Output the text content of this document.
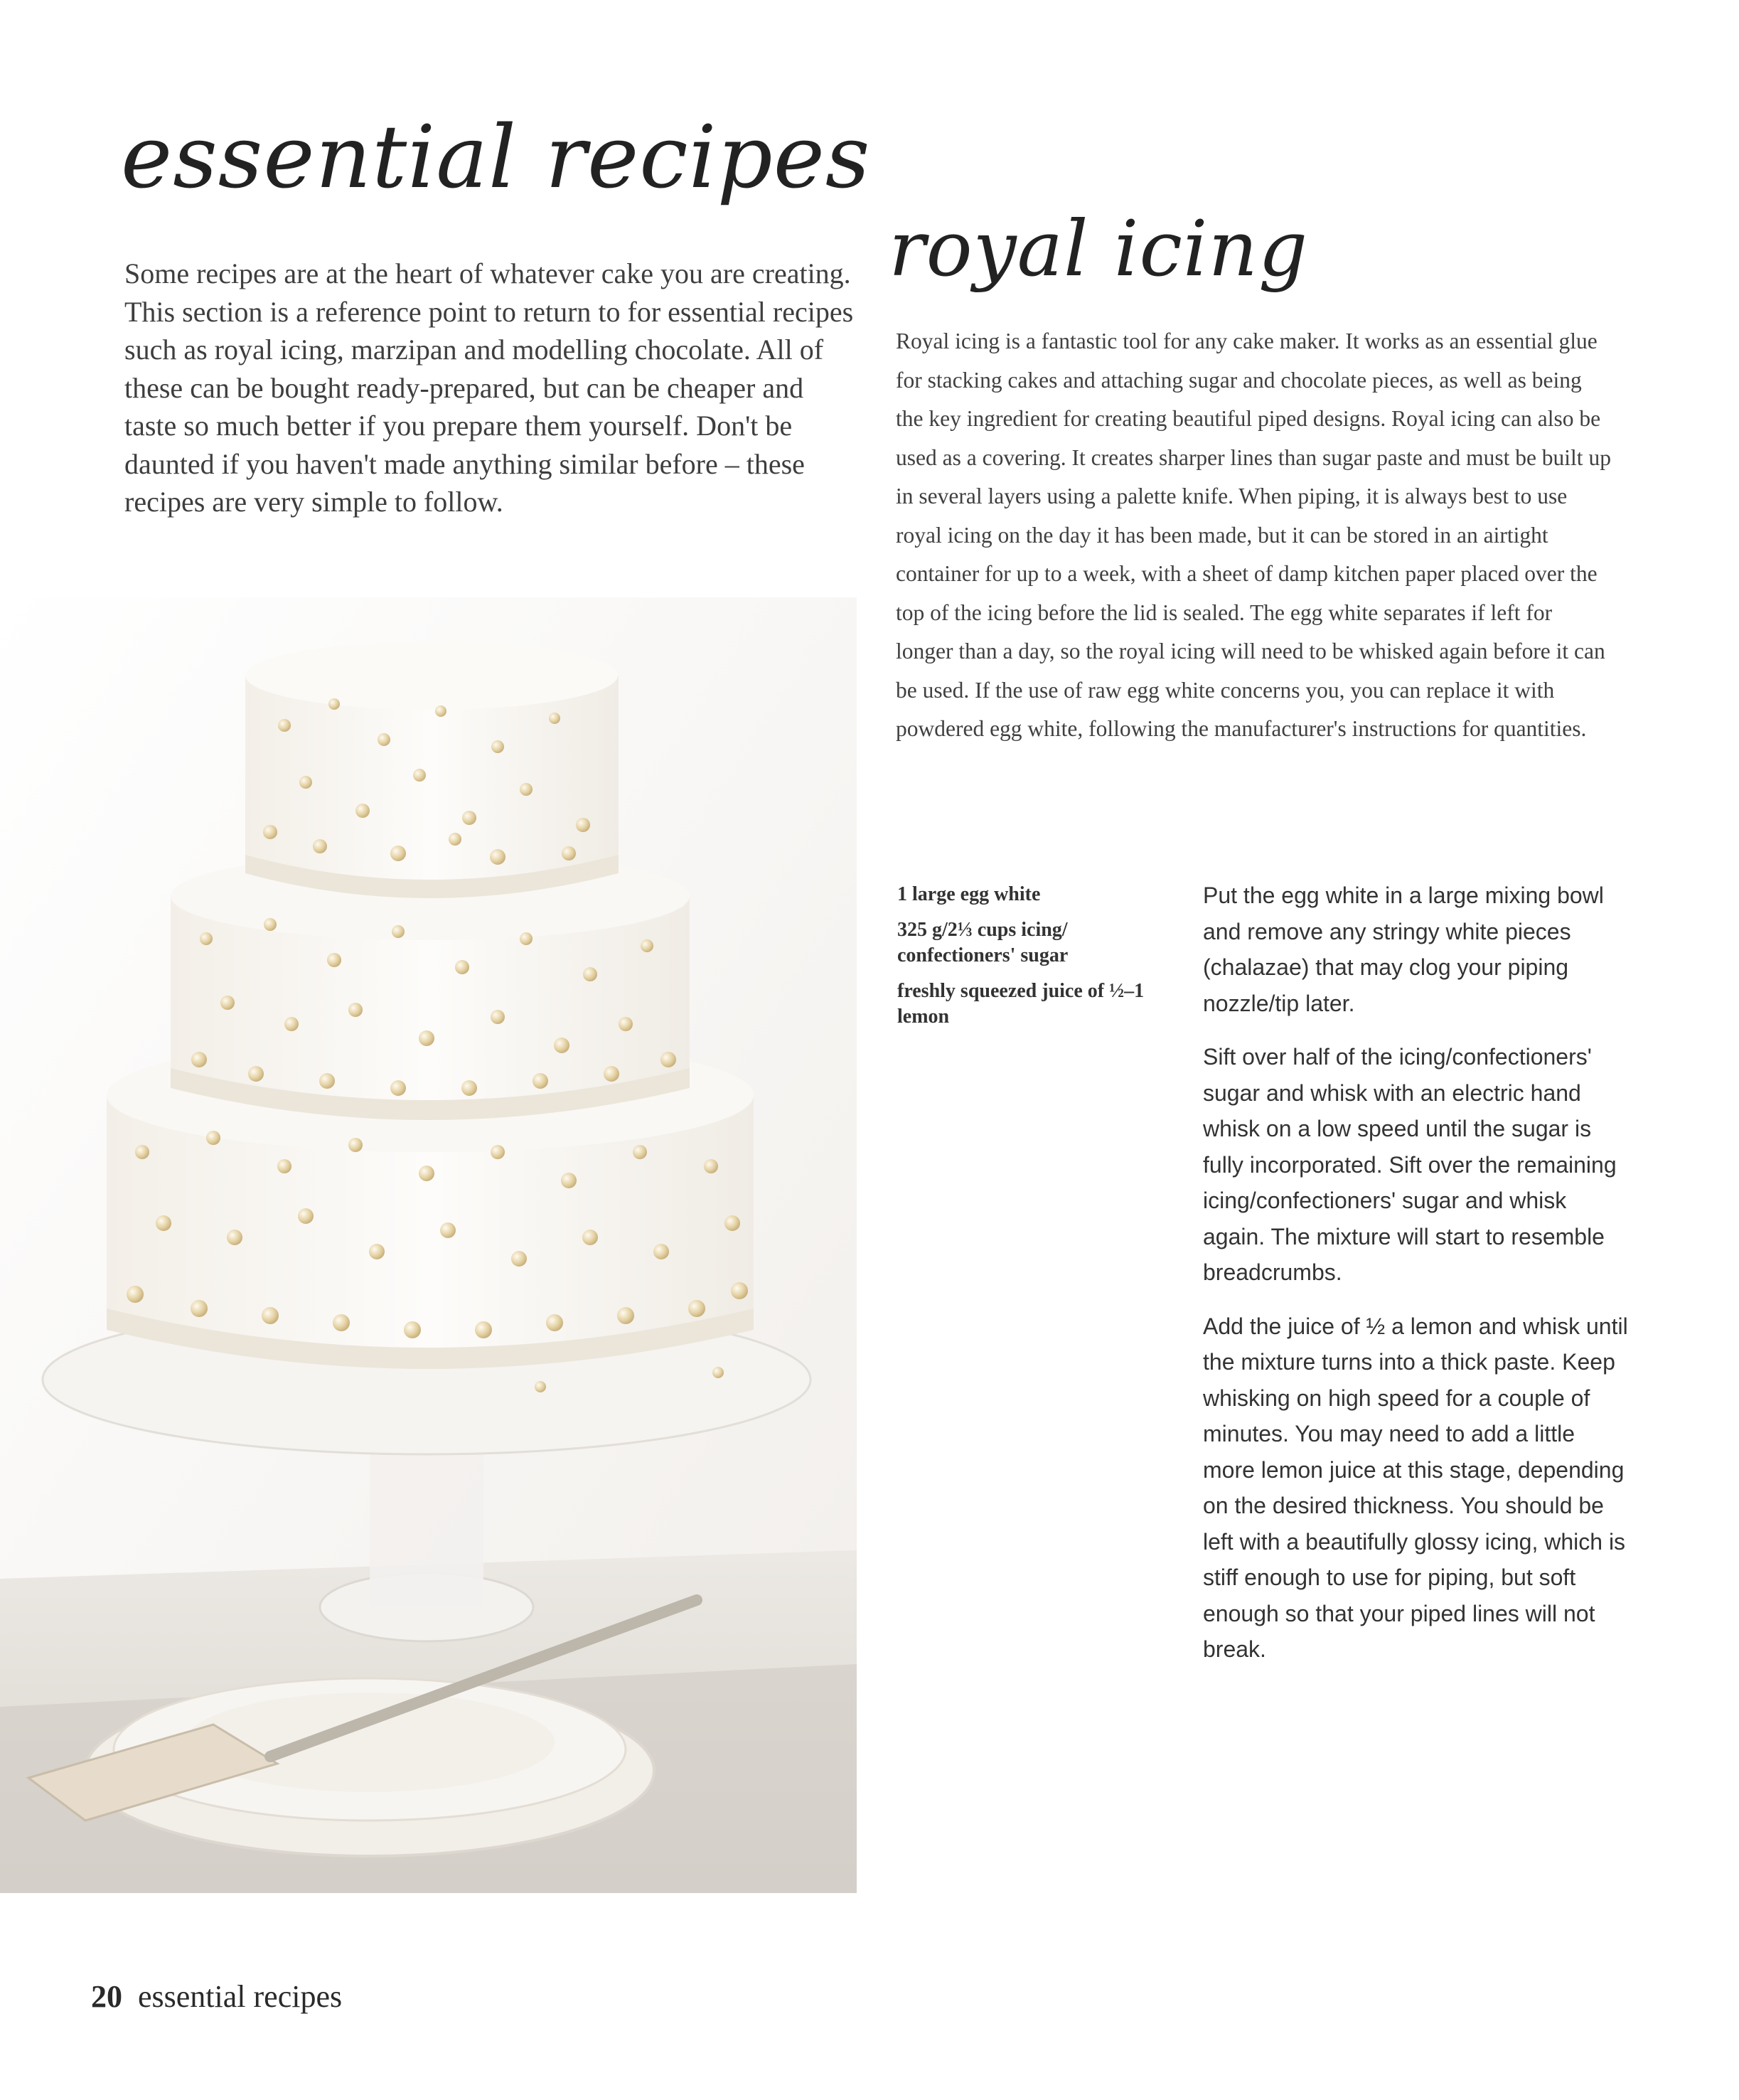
essential recipes

Some recipes are at the heart of whatever cake you are creating. This section is a reference point to return to for essential recipes such as royal icing, marzipan and modelling chocolate. All of these can be bought ready-prepared, but can be cheaper and taste so much better if you prepare them yourself. Don't be daunted if you haven't made anything similar before – these recipes are very simple to follow.

royal icing

Royal icing is a fantastic tool for any cake maker. It works as an essential glue for stacking cakes and attaching sugar and chocolate pieces, as well as being the key ingredient for creating beautiful piped designs. Royal icing can also be used as a covering. It creates sharper lines than sugar paste and must be built up in several layers using a palette knife. When piping, it is always best to use royal icing on the day it has been made, but it can be stored in an airtight container for up to a week, with a sheet of damp kitchen paper placed over the top of the icing before the lid is sealed. The egg white separates if left for longer than a day, so the royal icing will need to be whisked again before it can be used. If the use of raw egg white concerns you, you can replace it with powdered egg white, following the manufacturer's instructions for quantities.

1 large egg white
325 g/2⅓ cups icing/ confectioners' sugar
freshly squeezed juice of ½–1 lemon

Put the egg white in a large mixing bowl and remove any stringy white pieces (chalazae) that may clog your piping nozzle/tip later.

Sift over half of the icing/confectioners' sugar and whisk with an electric hand whisk on a low speed until the sugar is fully incorporated. Sift over the remaining icing/confectioners' sugar and whisk again. The mixture will start to resemble breadcrumbs.

Add the juice of ½ a lemon and whisk until the mixture turns into a thick paste. Keep whisking on high speed for a couple of minutes. You may need to add a little more lemon juice at this stage, depending on the desired thickness. You should be left with a beautifully glossy icing, which is stiff enough to use for piping, but soft enough so that your piped lines will not break.

20 essential recipes
